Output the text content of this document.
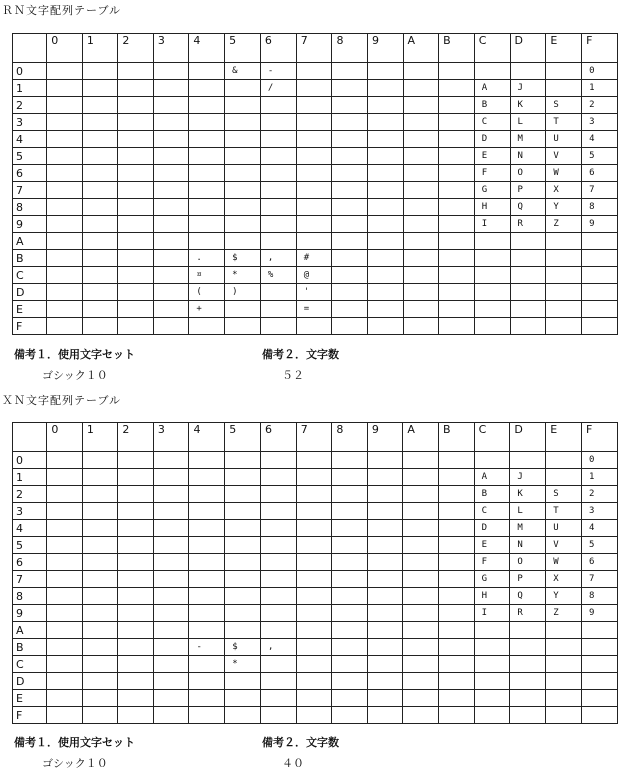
ＲＮ文字配列テーブル
	0	1	2	3	4	5	6	7	8	9	A	B	C	D	E	F
0						&	-									0
1							/						A	J		1
2													B	K	S	2
3													C	L	T	3
4													D	M	U	4
5													E	N	V	5
6													F	O	W	6
7													G	P	X	7
8													H	Q	Y	8
9													I	R	Z	9
A																
B					.	$	,	#								
C					¤	*	%	@								
D					(	)		'								
E					+			=								
F																
備考１．使用文字セット
ゴシック１０
備考２．文字数
５２
ＸＮ文字配列テーブル
	0	1	2	3	4	5	6	7	8	9	A	B	C	D	E	F
0																0
1													A	J		1
2													B	K	S	2
3													C	L	T	3
4													D	M	U	4
5													E	N	V	5
6													F	O	W	6
7													G	P	X	7
8													H	Q	Y	8
9													I	R	Z	9
A																
B					-	$	,									
C						*										
D																
E																
F																
備考１．使用文字セット
ゴシック１０
備考２．文字数
４０
